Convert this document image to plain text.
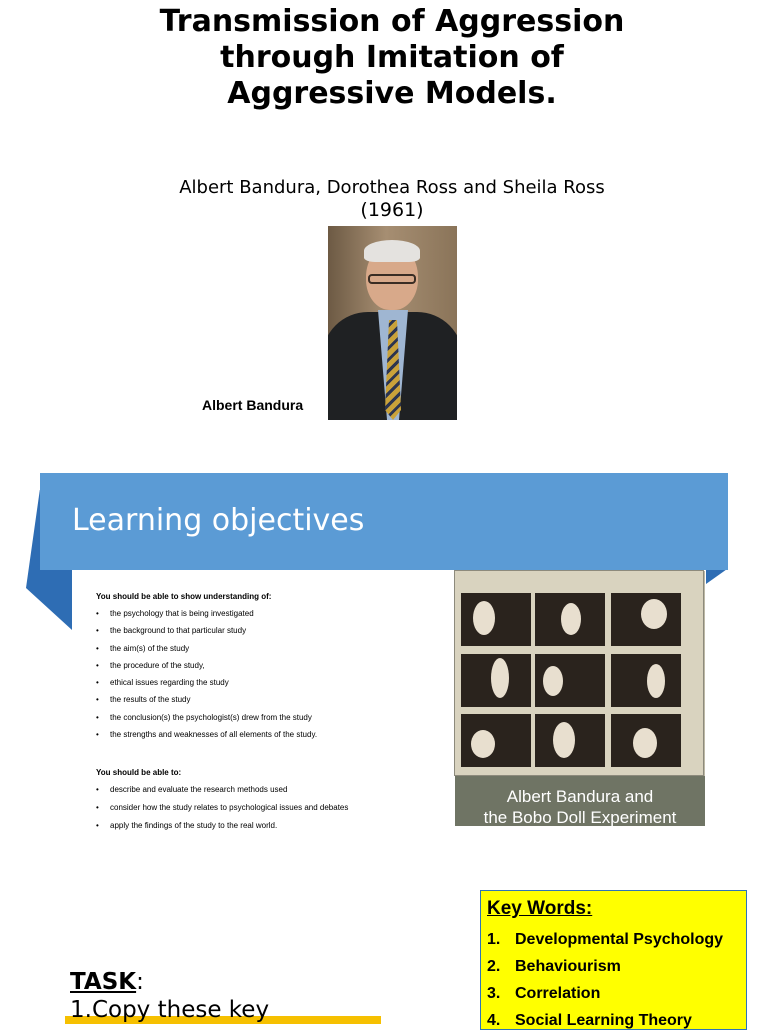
Transmission of Aggression through Imitation of Aggressive Models.
Albert Bandura, Dorothea Ross and Sheila Ross
(1961)
Albert Bandura
Learning objectives
You should be able to show understanding of:
• the psychology that is being investigated
• the background to that particular study
• the aim(s) of the study
• the procedure of the study,
• ethical issues regarding the study
• the results of the study
• the conclusion(s) the psychologist(s) drew from the study
• the strengths and weaknesses of all elements of the study.
You should be able to:
• describe and evaluate the research methods used
• consider how the study relates to psychological issues and debates
• apply the findings of the study to the real world.
Albert Bandura and
the Bobo Doll Experiment
Key Words:
1. Developmental Psychology
2. Behaviourism
3. Correlation
4. Social Learning Theory
TASK:
1.Copy these key
